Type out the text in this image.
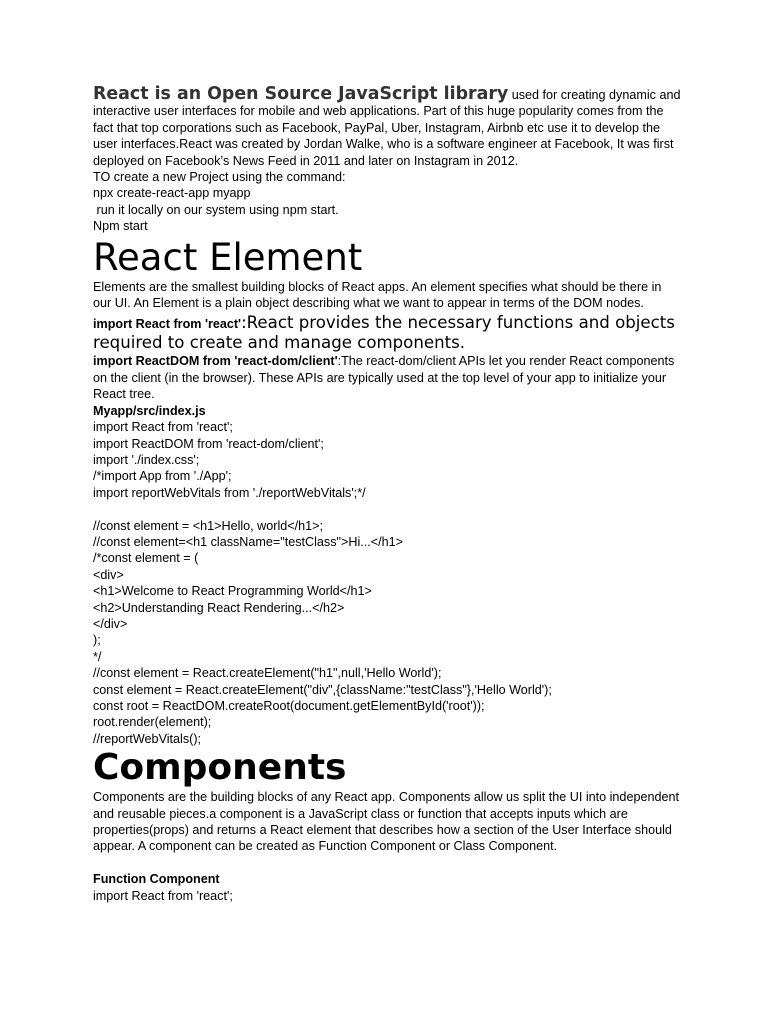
React is an Open Source JavaScript library used for creating dynamic and interactive user interfaces for mobile and web applications. Part of this huge popularity comes from the fact that top corporations such as Facebook, PayPal, Uber, Instagram, Airbnb etc use it to develop the user interfaces.React was created by Jordan Walke, who is a software engineer at Facebook, It was first deployed on Facebook’s News Feed in 2011 and later on Instagram in 2012.

TO create a new Project using the command:

npx create-react-app myapp

run it locally on our system using npm start.

Npm start

React Element

Elements are the smallest building blocks of React apps. An element specifies what should be there in our UI. An Element is a plain object describing what we want to appear in terms of the DOM nodes.

import React from 'react':React provides the necessary functions and objects required to create and manage components.

import ReactDOM from 'react-dom/client':The react-dom/client APIs let you render React components on the client (in the browser). These APIs are typically used at the top level of your app to initialize your React tree.

Myapp/src/index.js

import React from 'react';

import ReactDOM from 'react-dom/client';

import './index.css';

/*import App from './App';

import reportWebVitals from './reportWebVitals';*/

//const element = <h1>Hello, world</h1>;

//const element=<h1 className="testClass">Hi...</h1>

/*const element = (

<div>

<h1>Welcome to React Programming World</h1>

<h2>Understanding React Rendering...</h2>

</div>

);

*/

//const element = React.createElement("h1",null,'Hello World');

const element = React.createElement("div",{className:"testClass"},'Hello World');

const root = ReactDOM.createRoot(document.getElementById('root'));

root.render(element);

//reportWebVitals();

Components

Components are the building blocks of any React app. Components allow us split the UI into independent and reusable pieces.a component is a JavaScript class or function that accepts inputs which are properties(props) and returns a React element that describes how a section of the User Interface should appear. A component can be created as Function Component or Class Component.

Function Component

import React from 'react';
